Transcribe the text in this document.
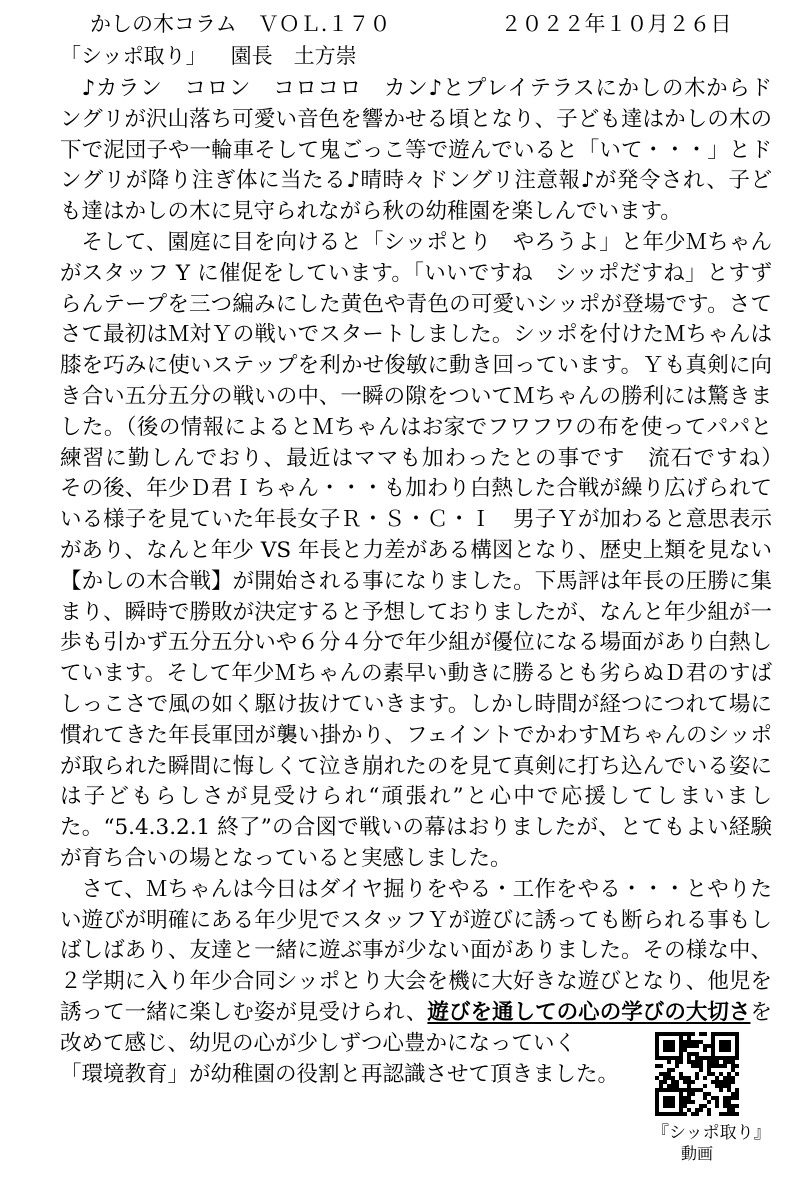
かしの木コラム　ＶＯＬ.１７０	２０２２年１０月２６日
「シッポ取り」 園長　土方崇

♪カラン　コロン　コロコロ　カン♪とプレイテラスにかしの木からドングリが沢山落ち可愛い音色を響かせる頃となり、子ども達はかしの木の下で泥団子や一輪車そして鬼ごっこ等で遊んでいると「いて・・・」とドングリが降り注ぎ体に当たる♪晴時々ドングリ注意報♪が発令され、子ども達はかしの木に見守られながら秋の幼稚園を楽しんでいます。

そして、園庭に目を向けると「シッポとり　やろうよ」と年少Ｍちゃんがスタッフ Y に催促をしています。「いいですね　シッポだすね」とすずらんテープを三つ編みにした黄色や青色の可愛いシッポが登場です。さてさて最初はＭ対Ｙの戦いでスタートしました。シッポを付けたＭちゃんは膝を巧みに使いステップを利かせ俊敏に動き回っています。Ｙも真剣に向き合い五分五分の戦いの中、一瞬の隙をついてＭちゃんの勝利には驚きました。（後の情報によるとＭちゃんはお家でフワフワの布を使ってパパと練習に勤しんでおり、最近はママも加わったとの事です　流石ですね）　その後、年少Ｄ君Ｉちゃん・・・も加わり白熱した合戦が繰り広げられている様子を見ていた年長女子Ｒ・Ｓ・Ｃ・Ｉ　男子Ｙが加わると意思表示があり、なんと年少 VS 年長と力差がある構図となり、歴史上類を見ない【かしの木合戦】が開始される事になりました。下馬評は年長の圧勝に集まり、瞬時で勝敗が決定すると予想しておりましたが、なんと年少組が一歩も引かず五分五分いや６分４分で年少組が優位になる場面があり白熱しています。そして年少Ｍちゃんの素早い動きに勝るとも劣らぬＤ君のすばしっこさで風の如く駆け抜けていきます。しかし時間が経つにつれて場に慣れてきた年長軍団が襲い掛かり、フェイントでかわすＭちゃんのシッポが取られた瞬間に悔しくて泣き崩れたのを見て真剣に打ち込んでいる姿には子どもらしさが見受けられ“頑張れ”と心中で応援してしまいました。“5.4.3.2.1 終了”の合図で戦いの幕はおりましたが、とてもよい経験が育ち合いの場となっていると実感しました。

さて、Ｍちゃんは今日はダイヤ掘りをやる・工作をやる・・・とやりたい遊びが明確にある年少児でスタッフＹが遊びに誘っても断られる事もしばしばあり、友達と一緒に遊ぶ事が少ない面がありました。その様な中、２学期に入り年少合同シッポとり大会を機に大好きな遊びとなり、他児を誘って一緒に楽しむ姿が見受けられ、遊びを通しての心の学びの大切さを改めて感じ、幼児の心が少しずつ心豊かになっていく
「環境教育」が幼稚園の役割と再認識させて頂きました。

『シッポ取り』
動画
